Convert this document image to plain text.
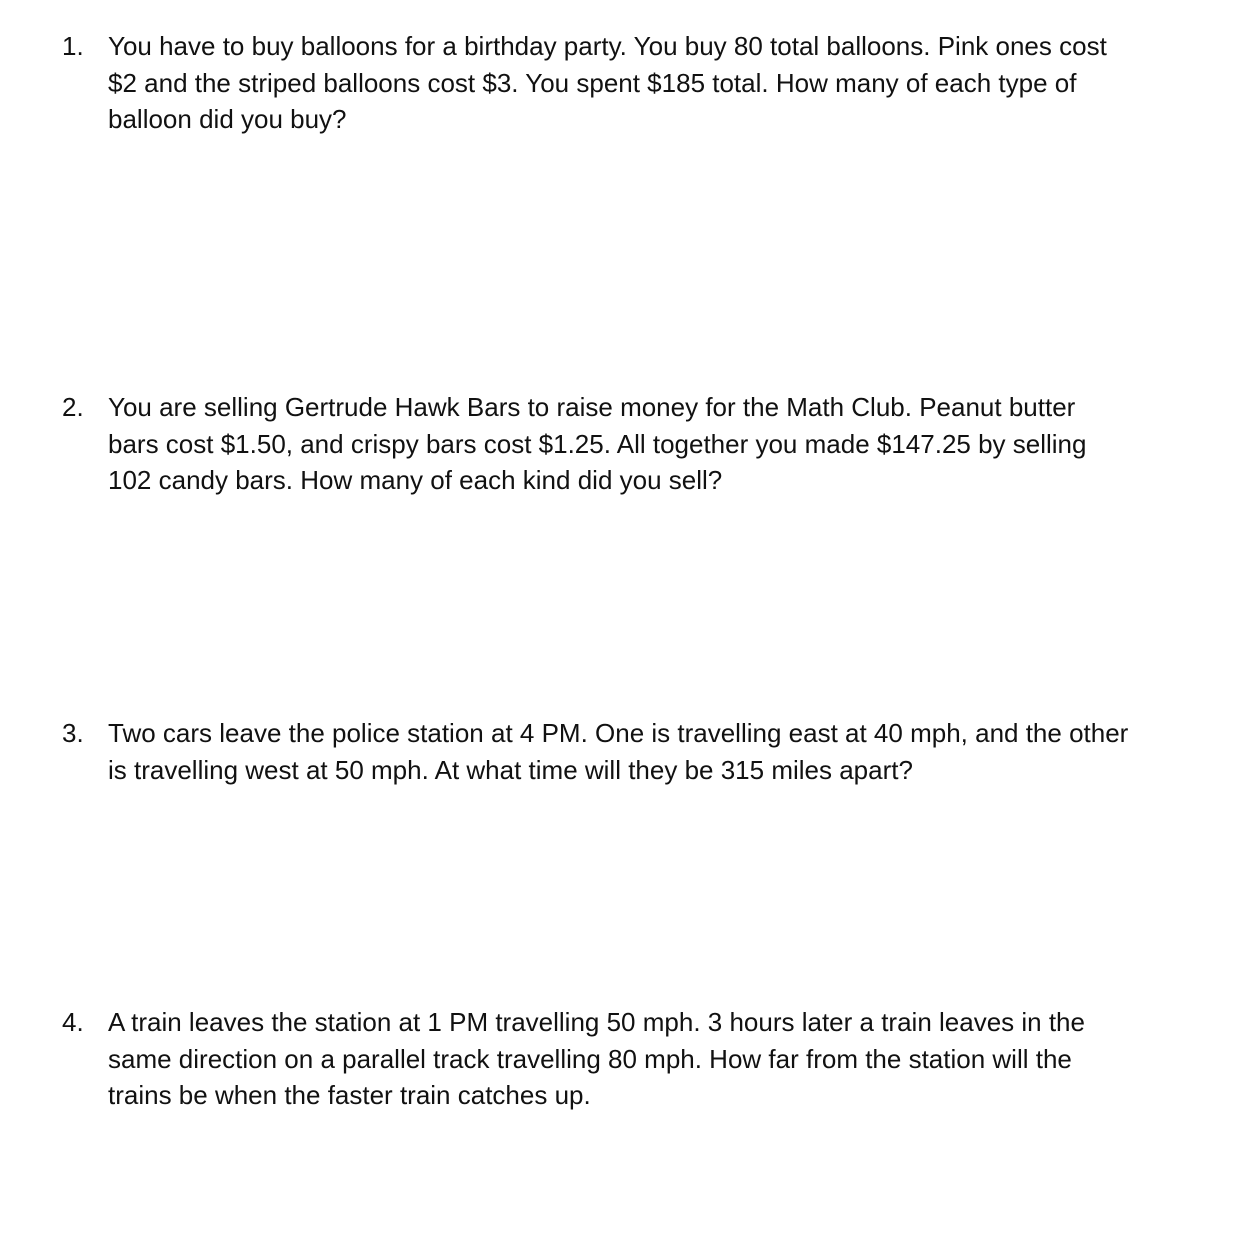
1. You have to buy balloons for a birthday party. You buy 80 total balloons. Pink ones cost
$2 and the striped balloons cost $3. You spent $185 total. How many of each type of
balloon did you buy?

2. You are selling Gertrude Hawk Bars to raise money for the Math Club. Peanut butter
bars cost $1.50, and crispy bars cost $1.25. All together you made $147.25 by selling
102 candy bars. How many of each kind did you sell?

3. Two cars leave the police station at 4 PM. One is travelling east at 40 mph, and the other
is travelling west at 50 mph. At what time will they be 315 miles apart?

4. A train leaves the station at 1 PM travelling 50 mph. 3 hours later a train leaves in the
same direction on a parallel track travelling 80 mph. How far from the station will the
trains be when the faster train catches up.
